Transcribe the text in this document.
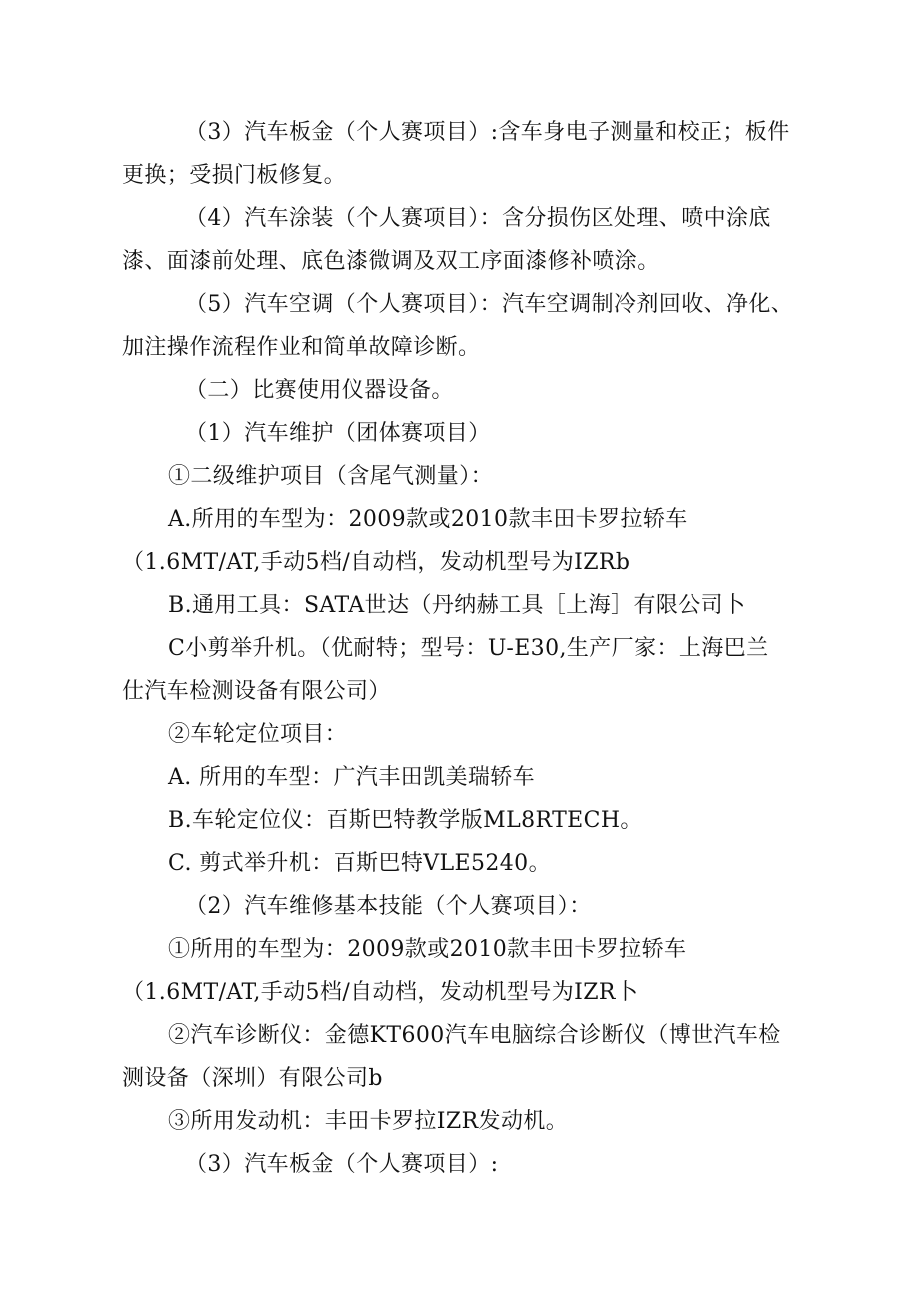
（3）汽车板金（个人赛项目）:含车身电子测量和校正；板件
更换；受损门板修复。
（4）汽车涂装（个人赛项目）：含分损伤区处理、喷中涂底
漆、面漆前处理、底色漆微调及双工序面漆修补喷涂。
（5）汽车空调（个人赛项目）：汽车空调制冷剂回收、净化、
加注操作流程作业和简单故障诊断。
（二）比赛使用仪器设备。
（1）汽车维护（团体赛项目）
①二级维护项目（含尾气测量）：
A.所用的车型为：2009款或2010款丰田卡罗拉轿车
（1.6MT/AT,手动5档/自动档，发动机型号为IZRb
B.通用工具：SATA世达（丹纳赫工具［上海］有限公司卜
C小剪举升机。（优耐特；型号：U-E30,生产厂家：上海巴兰
仕汽车检测设备有限公司）
②车轮定位项目：
A. 所用的车型：广汽丰田凯美瑞轿车
B.车轮定位仪：百斯巴特教学版ML8RTECH。
C. 剪式举升机：百斯巴特VLE5240。
（2）汽车维修基本技能（个人赛项目）：
①所用的车型为：2009款或2010款丰田卡罗拉轿车
（1.6MT/AT,手动5档/自动档，发动机型号为IZR卜
②汽车诊断仪：金德KT600汽车电脑综合诊断仪（博世汽车检
测设备（深圳）有限公司b
③所用发动机：丰田卡罗拉IZR发动机。
（3）汽车板金（个人赛项目）:
